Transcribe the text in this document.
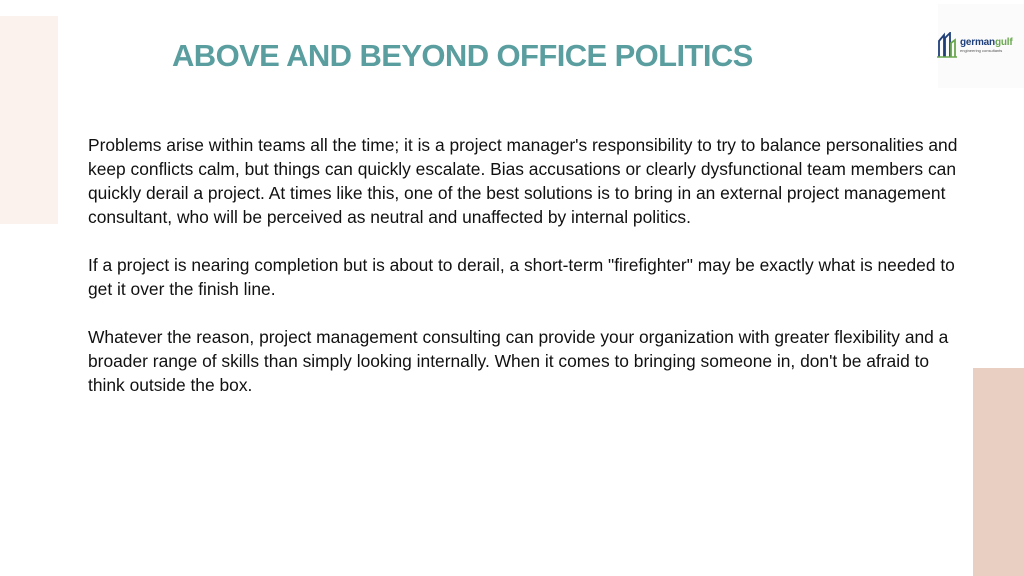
germangulf
engineering consultants
ABOVE AND BEYOND OFFICE POLITICS

Problems arise within teams all the time; it is a project manager's responsibility to try to balance personalities and keep conflicts calm, but things can quickly escalate. Bias accusations or clearly dysfunctional team members can quickly derail a project. At times like this, one of the best solutions is to bring in an external project management consultant, who will be perceived as neutral and unaffected by internal politics.

If a project is nearing completion but is about to derail, a short-term "firefighter" may be exactly what is needed to get it over the finish line.

Whatever the reason, project management consulting can provide your organization with greater flexibility and a broader range of skills than simply looking internally. When it comes to bringing someone in, don't be afraid to think outside the box.
